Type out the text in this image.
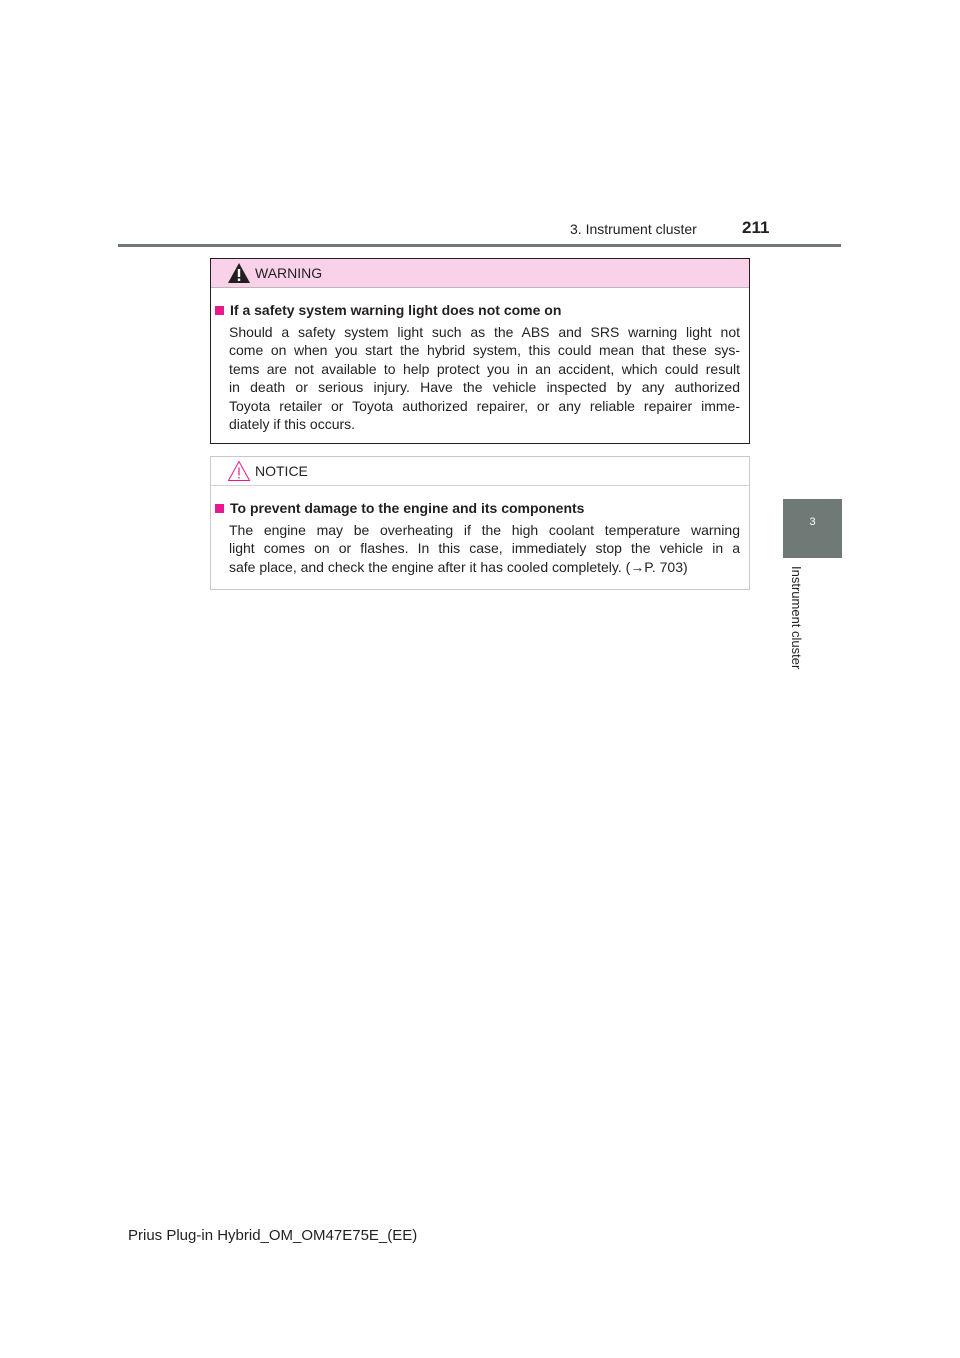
3. Instrument cluster	211
3
Instrument cluster
WARNING
If a safety system warning light does not come on
Should a safety system light such as the ABS and SRS warning light not
come on when you start the hybrid system, this could mean that these sys-
tems are not available to help protect you in an accident, which could result
in death or serious injury. Have the vehicle inspected by any authorized
Toyota retailer or Toyota authorized repairer, or any reliable repairer imme-
diately if this occurs.
NOTICE
To prevent damage to the engine and its components
The engine may be overheating if the high coolant temperature warning
light comes on or flashes. In this case, immediately stop the vehicle in a
safe place, and check the engine after it has cooled completely. (→P. 703)
Prius Plug-in Hybrid_OM_OM47E75E_(EE)
